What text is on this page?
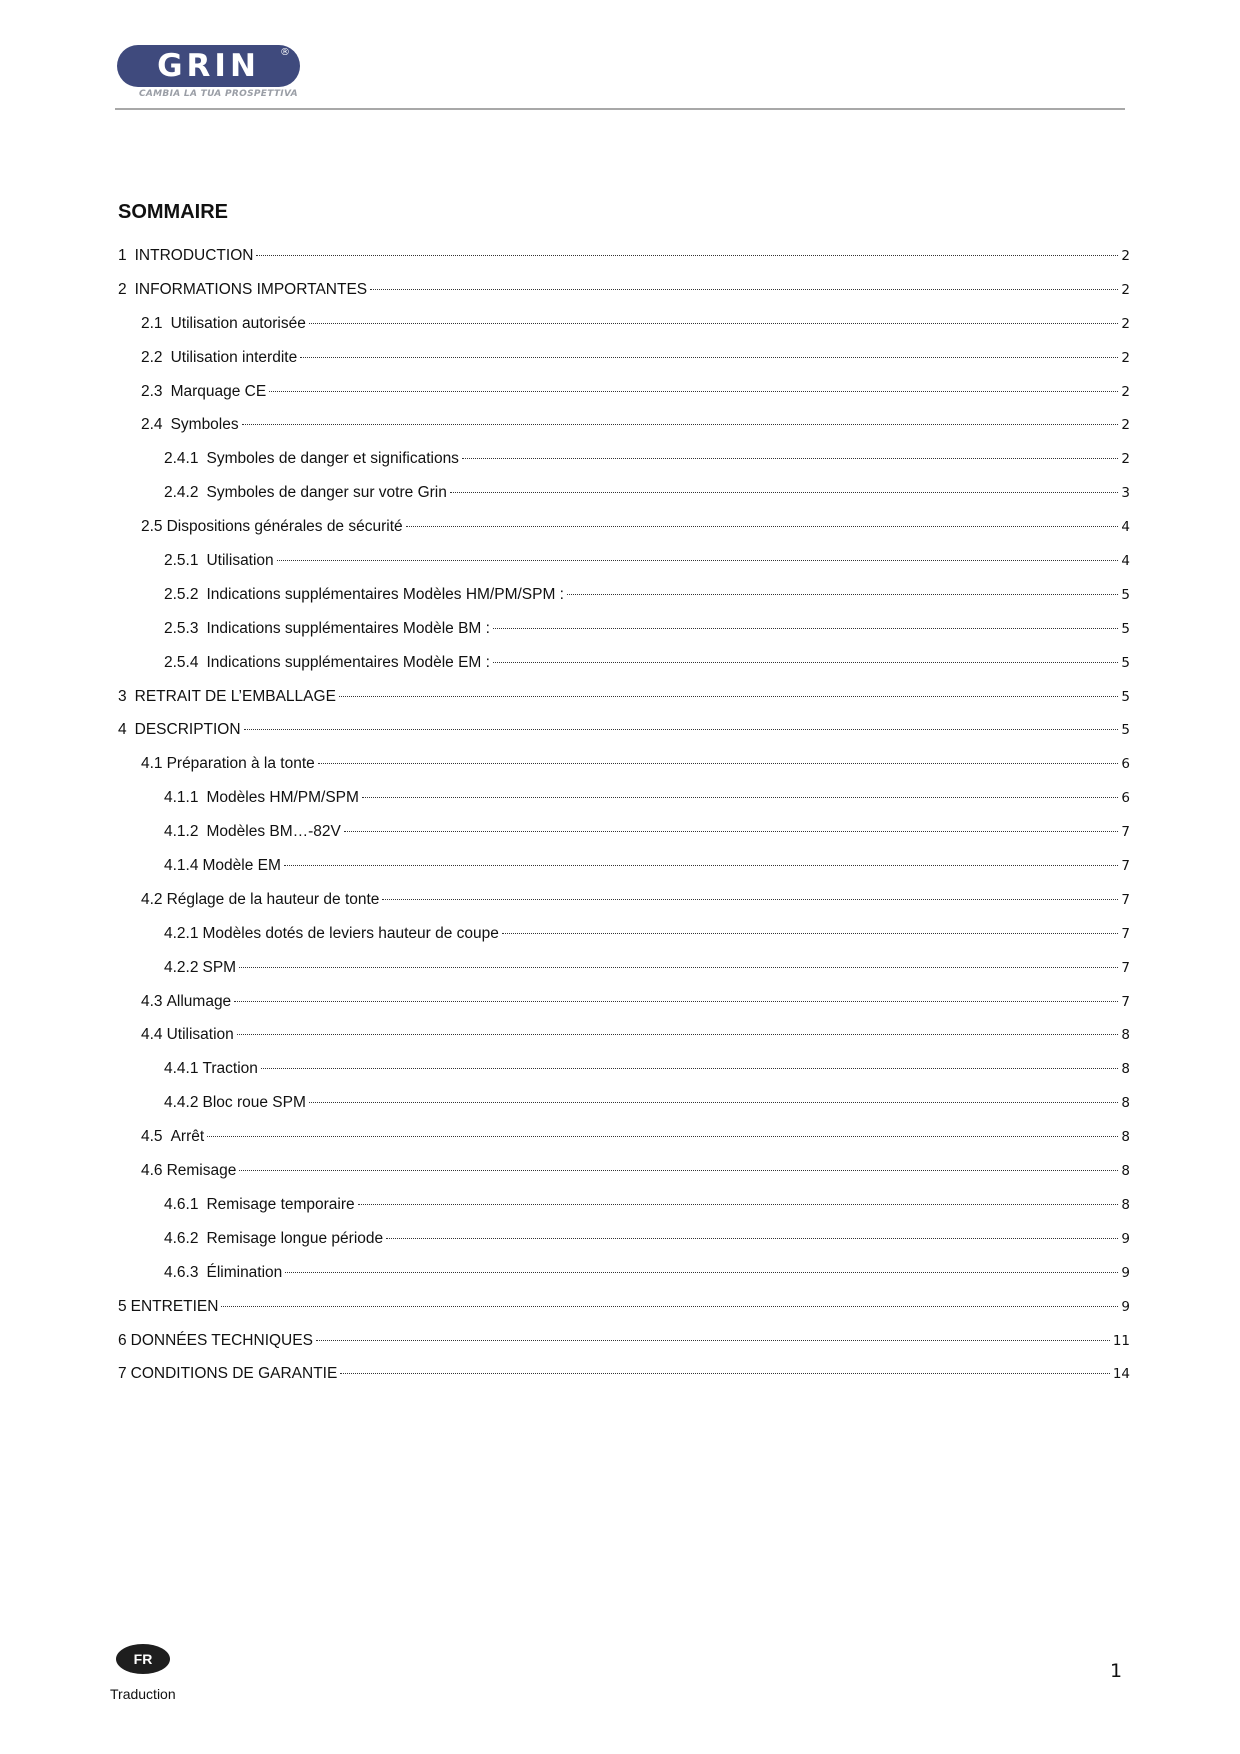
GRIN	®
CAMBIA LA TUA PROSPETTIVA
SOMMAIRE
1 INTRODUCTION	2
2 INFORMATIONS IMPORTANTES	2
2.1 Utilisation autorisée	2
2.2 Utilisation interdite	2
2.3 Marquage CE	2
2.4 Symboles	2
2.4.1 Symboles de danger et significations	2
2.4.2 Symboles de danger sur votre Grin	3
2.5 Dispositions générales de sécurité	4
2.5.1 Utilisation	4
2.5.2 Indications supplémentaires Modèles HM/PM/SPM :	5
2.5.3 Indications supplémentaires Modèle BM :	5
2.5.4 Indications supplémentaires Modèle EM :	5
3 RETRAIT DE L’EMBALLAGE	5
4 DESCRIPTION	5
4.1 Préparation à la tonte	6
4.1.1 Modèles HM/PM/SPM	6
4.1.2 Modèles BM…-82V	7
4.1.4 Modèle EM	7
4.2 Réglage de la hauteur de tonte	7
4.2.1 Modèles dotés de leviers hauteur de coupe	7
4.2.2 SPM	7
4.3 Allumage	7
4.4 Utilisation	8
4.4.1 Traction	8
4.4.2 Bloc roue SPM	8
4.5 Arrêt	8
4.6 Remisage	8
4.6.1 Remisage temporaire	8
4.6.2 Remisage longue période	9
4.6.3 Élimination	9
5 ENTRETIEN	9
6 DONNÉES TECHNIQUES	11
7 CONDITIONS DE GARANTIE	14
FR
Traduction
1
